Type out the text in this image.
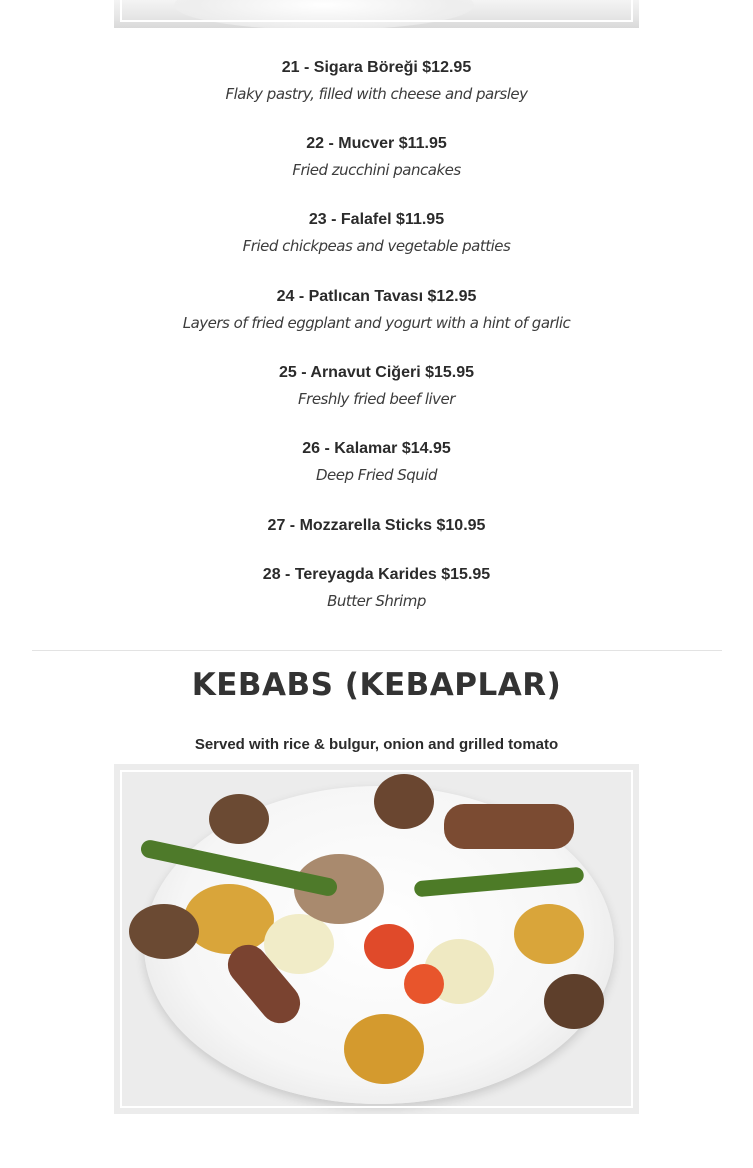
21 - Sigara Böreği $12.95

Flaky pastry, filled with cheese and parsley

22 - Mucver $11.95

Fried zucchini pancakes

23 - Falafel $11.95

Fried chickpeas and vegetable patties

24 - Patlıcan Tavası $12.95

Layers of fried eggplant and yogurt with a hint of garlic

25 - Arnavut Ciğeri $15.95

Freshly fried beef liver

26 - Kalamar $14.95

Deep Fried Squid

27 - Mozzarella Sticks $10.95

28 - Tereyagda Karides $15.95

Butter Shrimp

KEBABS (KEBAPLAR)

Served with rice & bulgur, onion and grilled tomato
